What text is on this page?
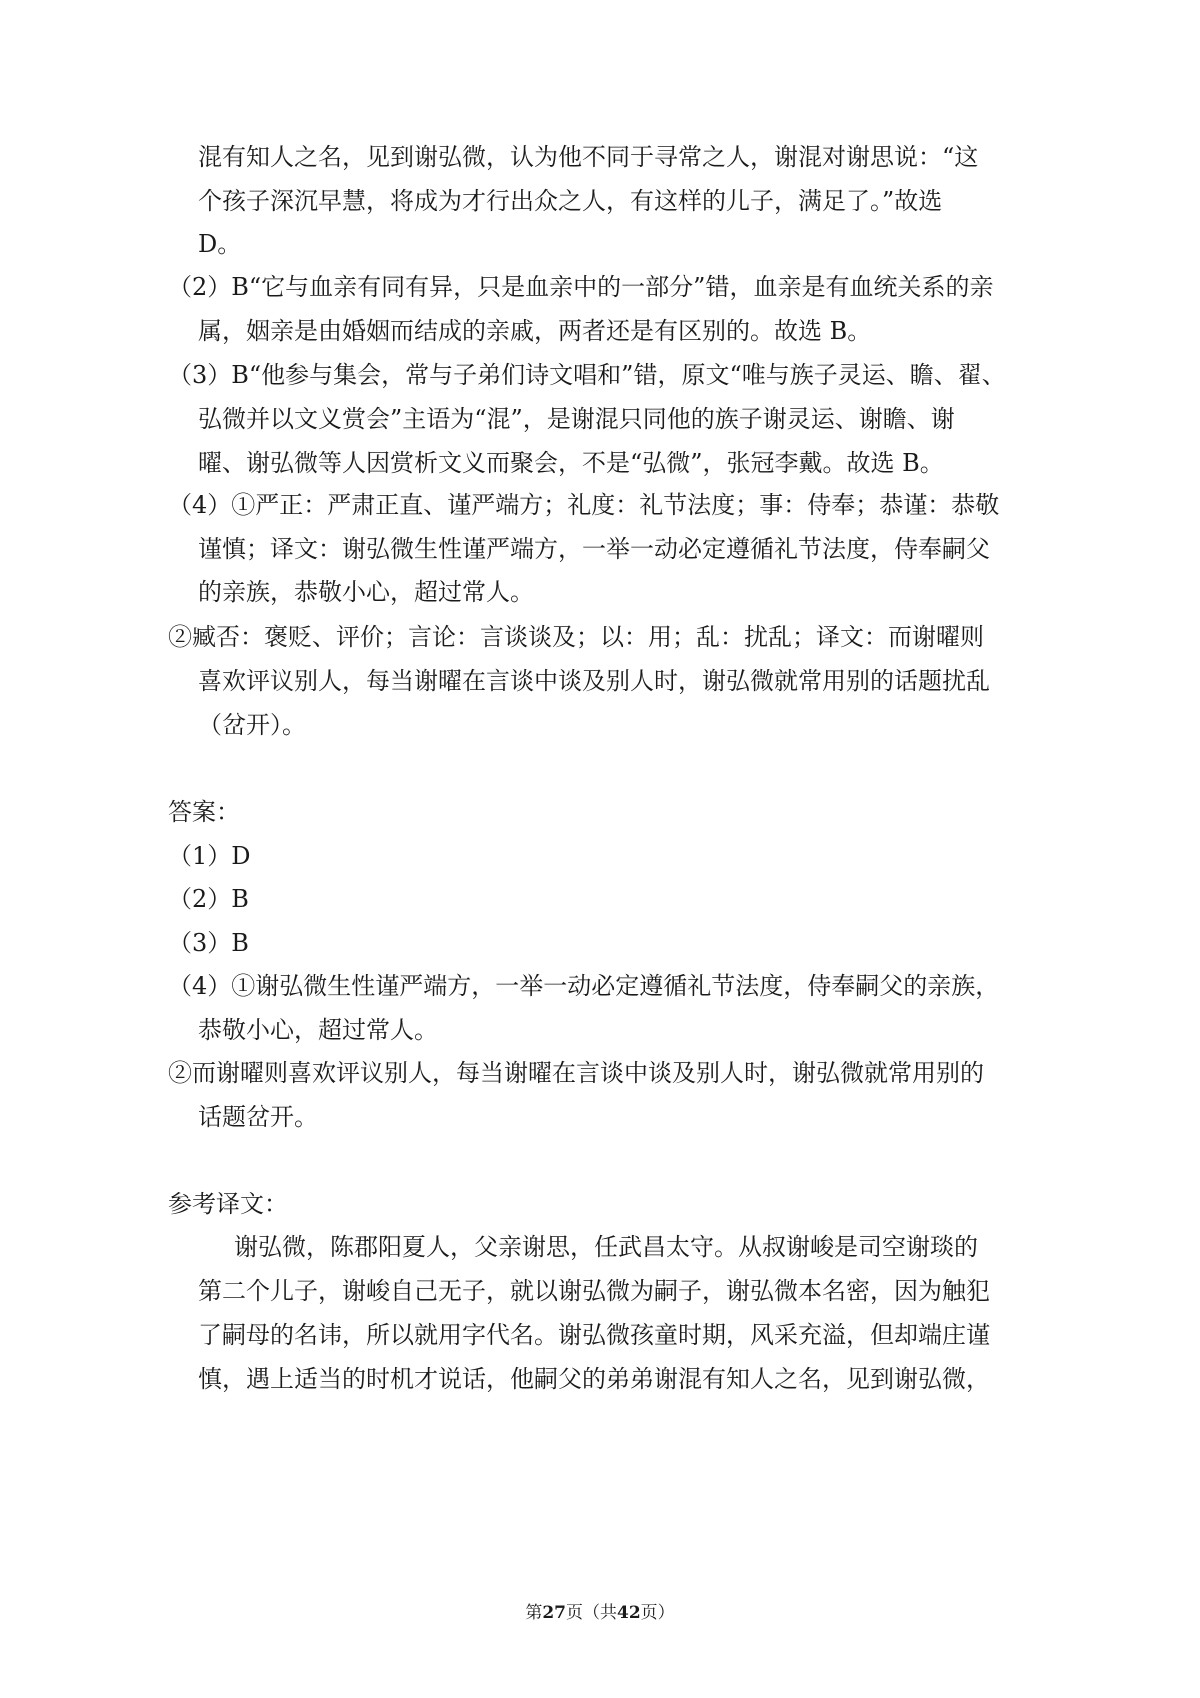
混有知人之名，见到谢弘微，认为他不同于寻常之人，谢混对谢思说：“这
个孩子深沉早慧，将成为才行出众之人，有这样的儿子，满足了。”故选
D。
（2）B“它与血亲有同有异，只是血亲中的一部分”错，血亲是有血统关系的亲
属，姻亲是由婚姻而结成的亲戚，两者还是有区别的。故选 B。
（3）B“他参与集会，常与子弟们诗文唱和”错，原文“唯与族子灵运、瞻、翟、
弘微并以文义赏会”主语为“混”，是谢混只同他的族子谢灵运、谢瞻、谢
曜、谢弘微等人因赏析文义而聚会，不是“弘微”，张冠李戴。故选 B。
（4）①严正：严肃正直、谨严端方；礼度：礼节法度；事：侍奉；恭谨：恭敬
谨慎；译文：谢弘微生性谨严端方，一举一动必定遵循礼节法度，侍奉嗣父
的亲族，恭敬小心，超过常人。
②臧否：褒贬、评价；言论：言谈谈及；以：用；乱：扰乱；译文：而谢曜则
喜欢评议别人，每当谢曜在言谈中谈及别人时，谢弘微就常用别的话题扰乱
（岔开）。
答案：
（1）D
（2）B
（3）B
（4）①谢弘微生性谨严端方，一举一动必定遵循礼节法度，侍奉嗣父的亲族，
恭敬小心，超过常人。
②而谢曜则喜欢评议别人，每当谢曜在言谈中谈及别人时，谢弘微就常用别的
话题岔开。
参考译文：
谢弘微，陈郡阳夏人，父亲谢思，任武昌太守。从叔谢峻是司空谢琰的
第二个儿子，谢峻自己无子，就以谢弘微为嗣子，谢弘微本名密，因为触犯
了嗣母的名讳，所以就用字代名。谢弘微孩童时期，风采充溢，但却端庄谨
慎，遇上适当的时机才说话，他嗣父的弟弟谢混有知人之名，见到谢弘微，
第27页（共42页）
